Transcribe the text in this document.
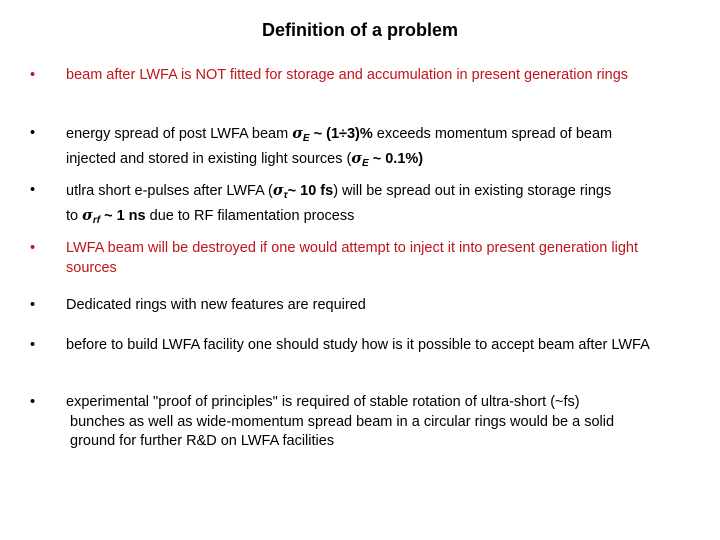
Definition of a problem
• beam after LWFA is NOT fitted for storage and accumulation in present generation rings
• energy spread of post LWFA beam $\sigma_E$ ~ (1÷3)% exceeds momentum spread of beam
injected and stored in existing light sources ($\sigma_E$ ~ 0.1%)
• utlra short e-pulses after LWFA ($\sigma_\tau\sim$ 10 fs) will be spread out in existing storage rings
to $\sigma_{rf}$ ~ 1 ns due to RF filamentation process
• LWFA beam will be destroyed if one would attempt to inject it into present generation light sources
• Dedicated rings with new features are required
• before to build LWFA facility one should study how is it possible to accept beam after LWFA
• experimental "proof of principles" is required of stable rotation of ultra-short (~fs)

bunches as well as wide-momentum spread beam in a circular rings would be a solid
ground for further R&D on LWFA facilities
